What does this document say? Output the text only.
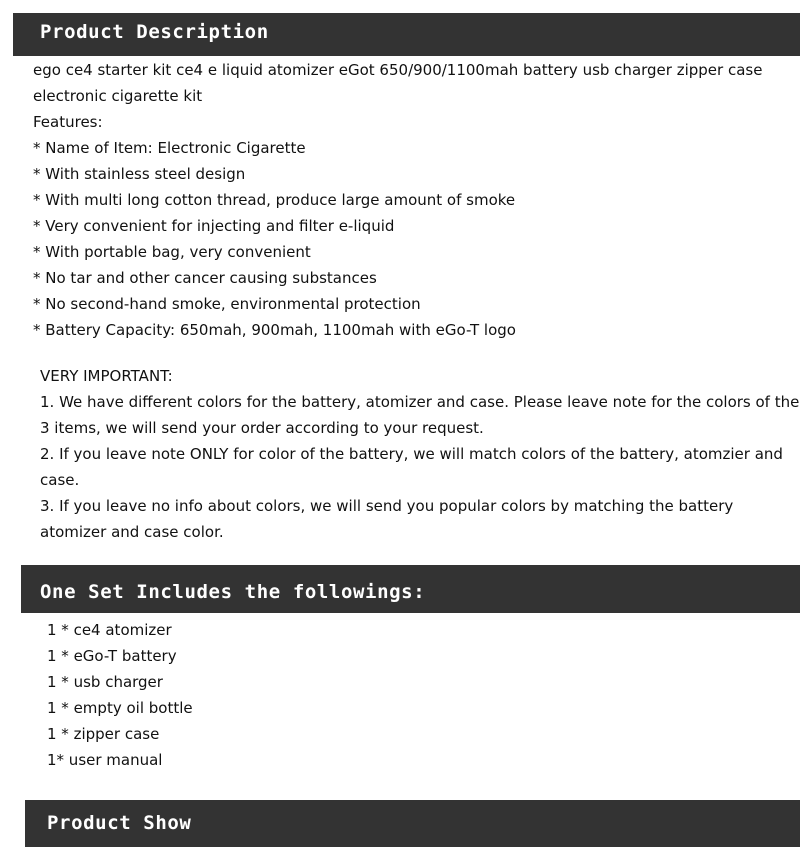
Product Description
ego ce4 starter kit ce4 e liquid atomizer eGot 650/900/1100mah battery usb charger zipper case
electronic cigarette kit
Features:
* Name of Item: Electronic Cigarette
* With stainless steel design
* With multi long cotton thread, produce large amount of smoke
* Very convenient for injecting and filter e-liquid
* With portable bag, very convenient
* No tar and other cancer causing substances
* No second-hand smoke, environmental protection
* Battery Capacity: 650mah, 900mah, 1100mah with eGo-T logo
VERY IMPORTANT:
1. We have different colors for the battery, atomizer and case. Please leave note for the colors of the
3 items, we will send your order according to your request.
2. If you leave note ONLY for color of the battery, we will match colors of the battery, atomzier and
case.
3. If you leave no info about colors, we will send you popular colors by matching the battery
atomizer and case color.
One Set Includes the followings:
1 * ce4 atomizer
1 * eGo-T battery
1 * usb charger
1 * empty oil bottle
1 * zipper case
1* user manual
Product Show
